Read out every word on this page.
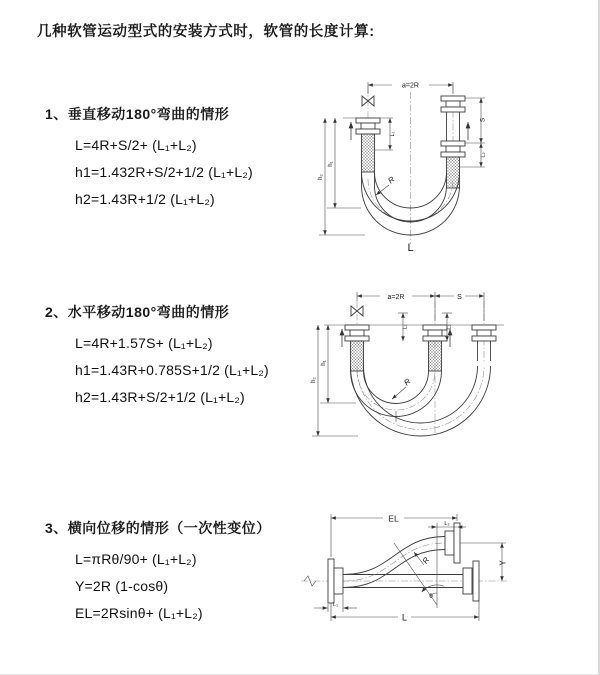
几种软管运动型式的安装方式时，软管的长度计算:
1、垂直移动180°弯曲的情形
L=4R+S/2+ (L₁+L₂)
h1=1.432R+S/2+1/2 (L₁+L₂)
h2=1.43R+1/2 (L₁+L₂)
a=2R
h₁
h₂
L₁
S
L₂
R
L
2、水平移动180°弯曲的情形
L=4R+1.57S+ (L₁+L₂)
h1=1.43R+0.785S+1/2 (L₁+L₂)
h2=1.43R+S/2+1/2 (L₁+L₂)
a=2R	S
h₁
h₂
L₁	L₂
R
3、横向位移的情形（一次性变位）
L=πRθ/90+ (L₁+L₂)
Y=2R (1-cosθ)
EL=2Rsinθ+ (L₁+L₂)
EL
L₂
Y
L
L₁
R
θ
